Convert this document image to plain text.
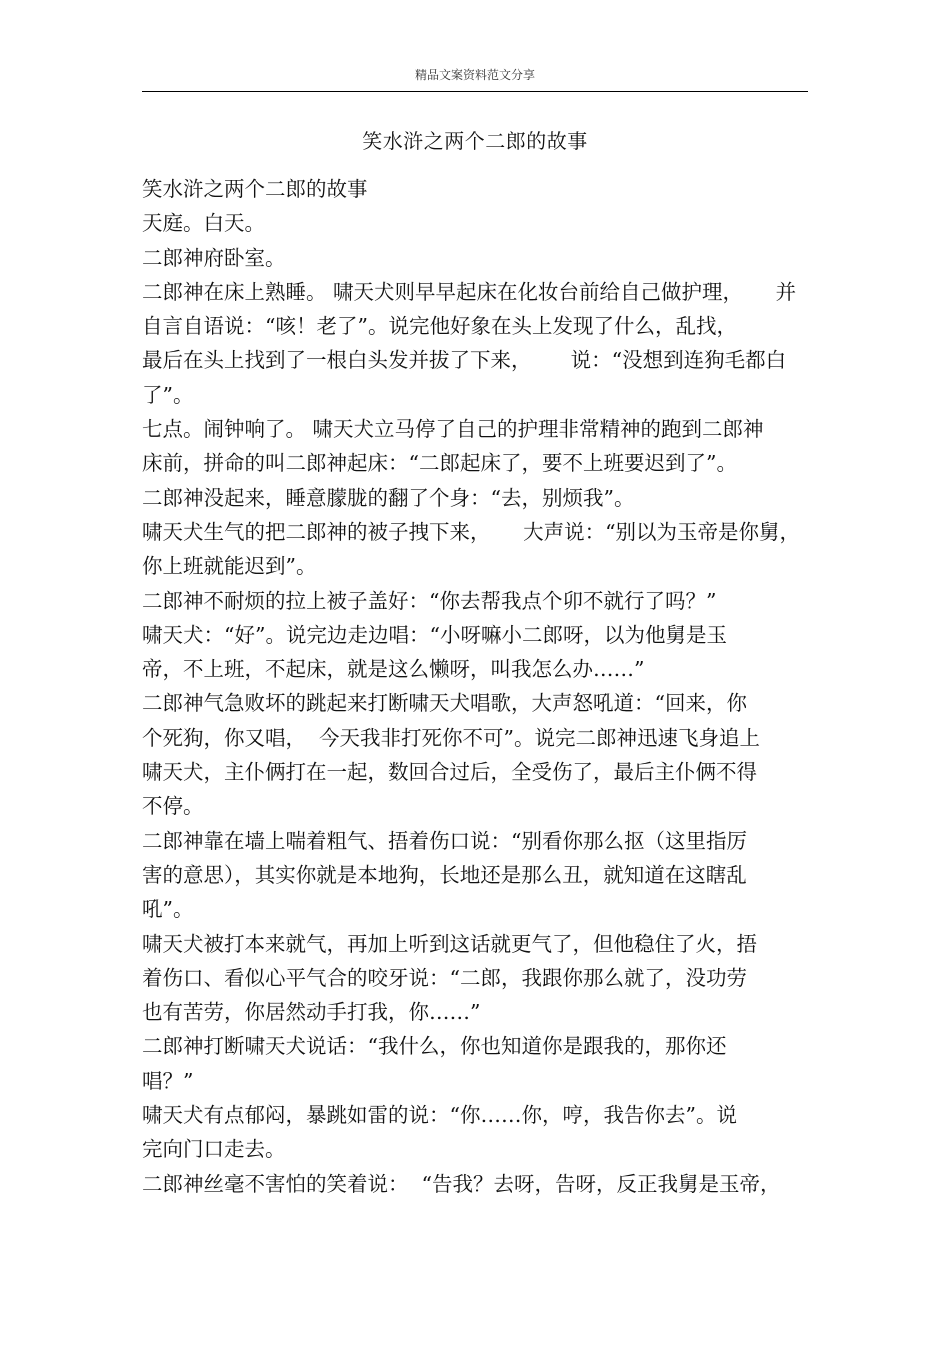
精品文案资料范文分享
笑水浒之两个二郎的故事
笑水浒之两个二郎的故事
天庭。白天。
二郎神府卧室。
二郎神在床上熟睡。 啸天犬则早早起床在化妆台前给自己做护理，     并
自言自语说：“咳！老了”。说完他好象在头上发现了什么，乱找，
最后在头上找到了一根白头发并拔了下来，      说：“没想到连狗毛都白
了”。
七点。闹钟响了。 啸天犬立马停了自己的护理非常精神的跑到二郎神
床前，拼命的叫二郎神起床：“二郎起床了，要不上班要迟到了”。
二郎神没起来，睡意朦胧的翻了个身：“去，别烦我”。
啸天犬生气的把二郎神的被子拽下来，     大声说：“别以为玉帝是你舅，
你上班就能迟到”。
二郎神不耐烦的拉上被子盖好：“你去帮我点个卯不就行了吗？”
啸天犬：“好”。说完边走边唱：“小呀嘛小二郎呀，以为他舅是玉
帝，不上班，不起床，就是这么懒呀，叫我怎么办……”
二郎神气急败坏的跳起来打断啸天犬唱歌，大声怒吼道：“回来，你
个死狗，你又唱，  今天我非打死你不可”。说完二郎神迅速飞身追上
啸天犬，主仆俩打在一起，数回合过后，全受伤了，最后主仆俩不得
不停。
二郎神靠在墙上喘着粗气、捂着伤口说：“别看你那么抠（这里指厉
害的意思），其实你就是本地狗，长地还是那么丑，就知道在这瞎乱
吼”。
啸天犬被打本来就气，再加上听到这话就更气了，但他稳住了火，捂
着伤口、看似心平气合的咬牙说：“二郎，我跟你那么就了，没功劳
也有苦劳，你居然动手打我，你……”
二郎神打断啸天犬说话：“我什么，你也知道你是跟我的，那你还
唱？”
啸天犬有点郁闷，暴跳如雷的说：“你……你，哼，我告你去”。说
完向门口走去。
二郎神丝毫不害怕的笑着说：  “告我？去呀，告呀，反正我舅是玉帝，
